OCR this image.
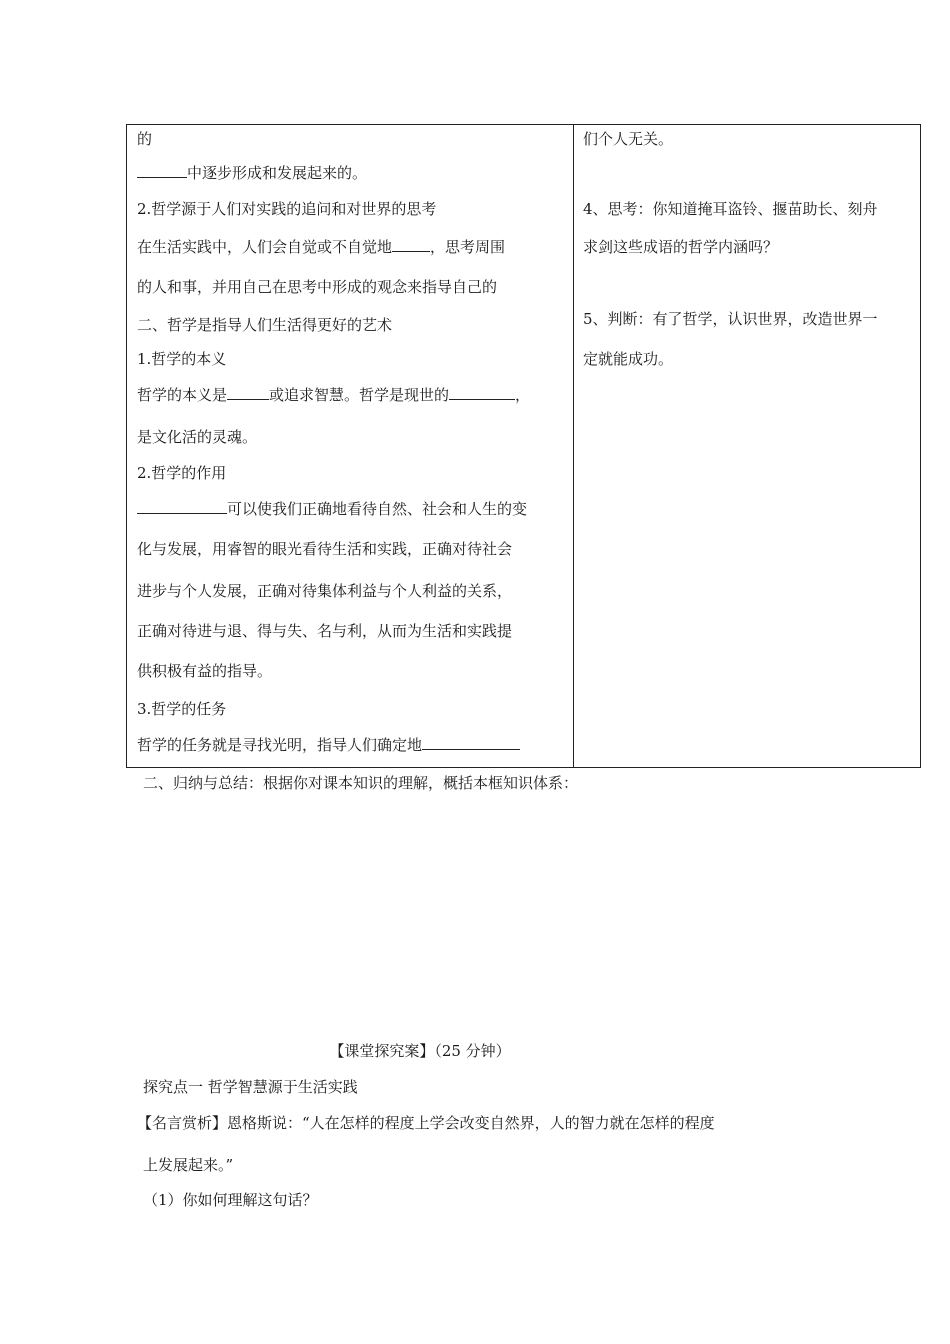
的
中逐步形成和发展起来的。
2.哲学源于人们对实践的追问和对世界的思考
在生活实践中，人们会自觉或不自觉地	，思考周围
的人和事，并用自己在思考中形成的观念来指导自己的
二、哲学是指导人们生活得更好的艺术
1.哲学的本义
哲学的本义是	或追求智慧。哲学是现世的	，
是文化活的灵魂。
2.哲学的作用
可以使我们正确地看待自然、社会和人生的变
化与发展，用睿智的眼光看待生活和实践，正确对待社会
进步与个人发展，正确对待集体利益与个人利益的关系，
正确对待进与退、得与失、名与利，从而为生活和实践提
供积极有益的指导。
3.哲学的任务
哲学的任务就是寻找光明，指导人们确定地
们个人无关。
4、思考：你知道掩耳盗铃、揠苗助长、刻舟
求剑这些成语的哲学内涵吗？
5、判断：有了哲学，认识世界，改造世界一
定就能成功。
二、归纳与总结：根据你对课本知识的理解，概括本框知识体系：
【课堂探究案】（25 分钟）
探究点一 哲学智慧源于生活实践
【名言赏析】恩格斯说：“人在怎样的程度上学会改变自然界，人的智力就在怎样的程度
上发展起来。”
（1）你如何理解这句话？
